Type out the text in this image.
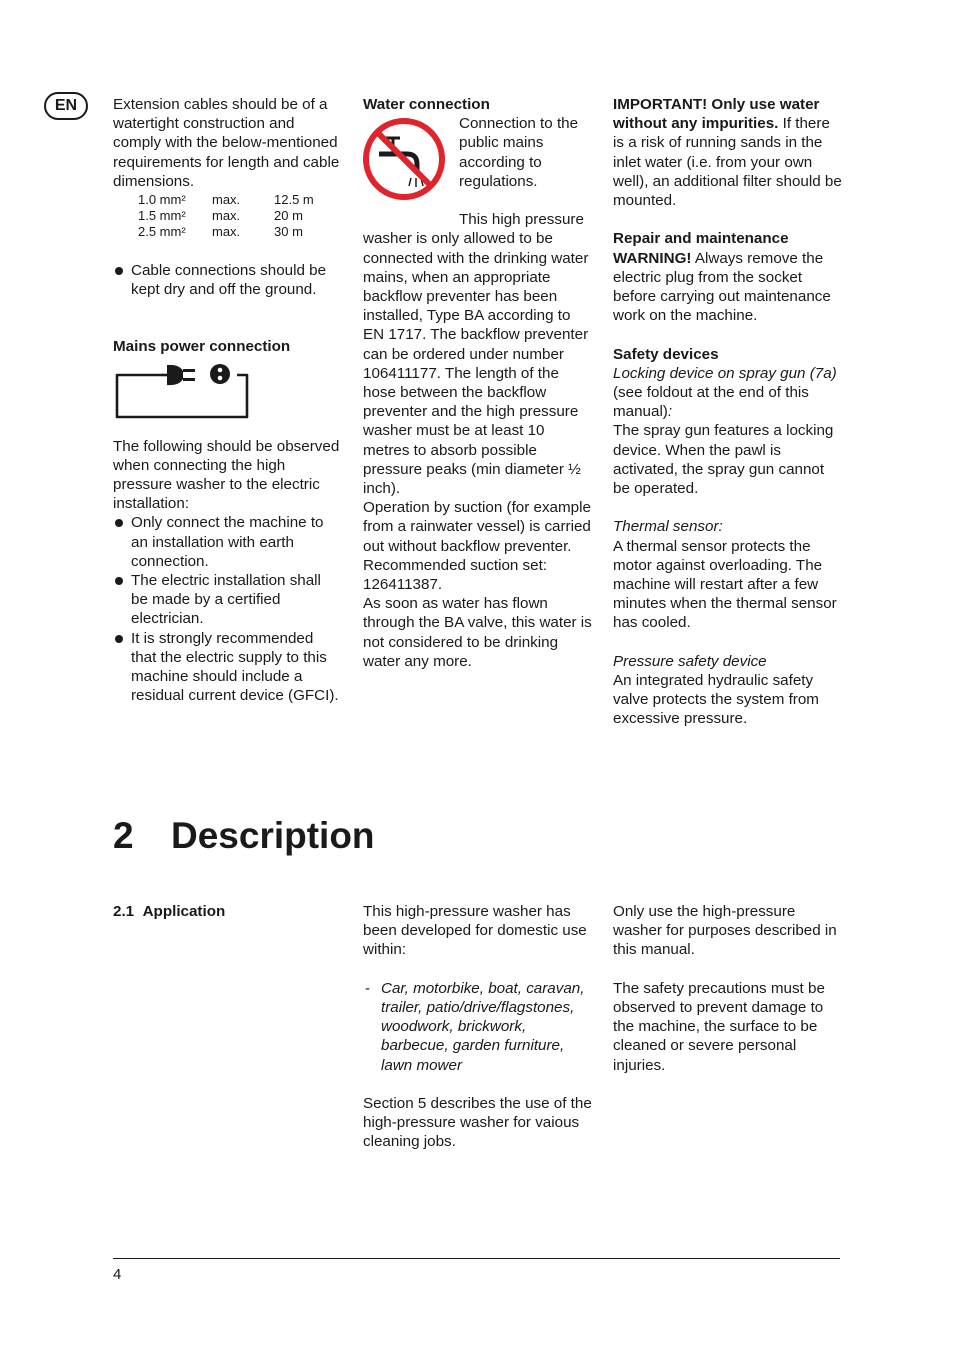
EN	Extension cables should be of a watertight construction and comply with the below-mentioned requirements for length and cable dimensions.

1.0 mm²	max.	12.5 m
1.5 mm²	max.	20 m
2.5 mm²	max.	30 m

Cable connections should be kept dry and off the ground.

Mains power connection

The following should be observed when connecting the high pressure washer to the electric installation:

Only connect the machine to an installation with earth connection.

The electric installation shall be made by a certified electrician.

It is strongly recommended that the electric supply to this machine should include a residual current device (GFCI).

Water connection

Connection to the public mains according to regulations.

This high pressure washer is only allowed to be connected with the drinking water mains, when an appropriate backflow preventer has been installed, Type BA according to EN 1717. The backflow preventer can be ordered under number 106411177. The length of the hose between the backflow preventer and the high pressure washer must be at least 10 metres to absorb possible pressure peaks (min diameter ½ inch).

Operation by suction (for example from a rainwater vessel) is carried out without backflow preventer. Recommended suction set: 126411387.

As soon as water has flown through the BA valve, this water is not considered to be drinking water any more.

IMPORTANT! Only use water without any impurities. If there is a risk of running sands in the inlet water (i.e. from your own well), an additional filter should be mounted.

Repair and maintenance

WARNING! Always remove the electric plug from the socket before carrying out maintenance work on the machine.

Safety devices

Locking device on spray gun (7a) (see foldout at the end of this manual):

The spray gun features a locking device. When the pawl is activated, the spray gun cannot be operated.

Thermal sensor:

A thermal sensor protects the motor against overloading. The machine will restart after a few minutes when the thermal sensor has cooled.

Pressure safety device

An integrated hydraulic safety valve protects the system from excessive pressure.

2 Description
2.1 Application	This high-pressure washer has been developed for domestic use within:

- Car, motorbike, boat, caravan, trailer, patio/drive/flagstones, woodwork, brickwork, barbecue, garden furniture, lawn mower

Section 5 describes the use of the high-pressure washer for vaious cleaning jobs.

Only use the high-pressure washer for purposes described in this manual.

The safety precautions must be observed to prevent damage to the machine, the surface to be cleaned or severe personal injuries.

4
